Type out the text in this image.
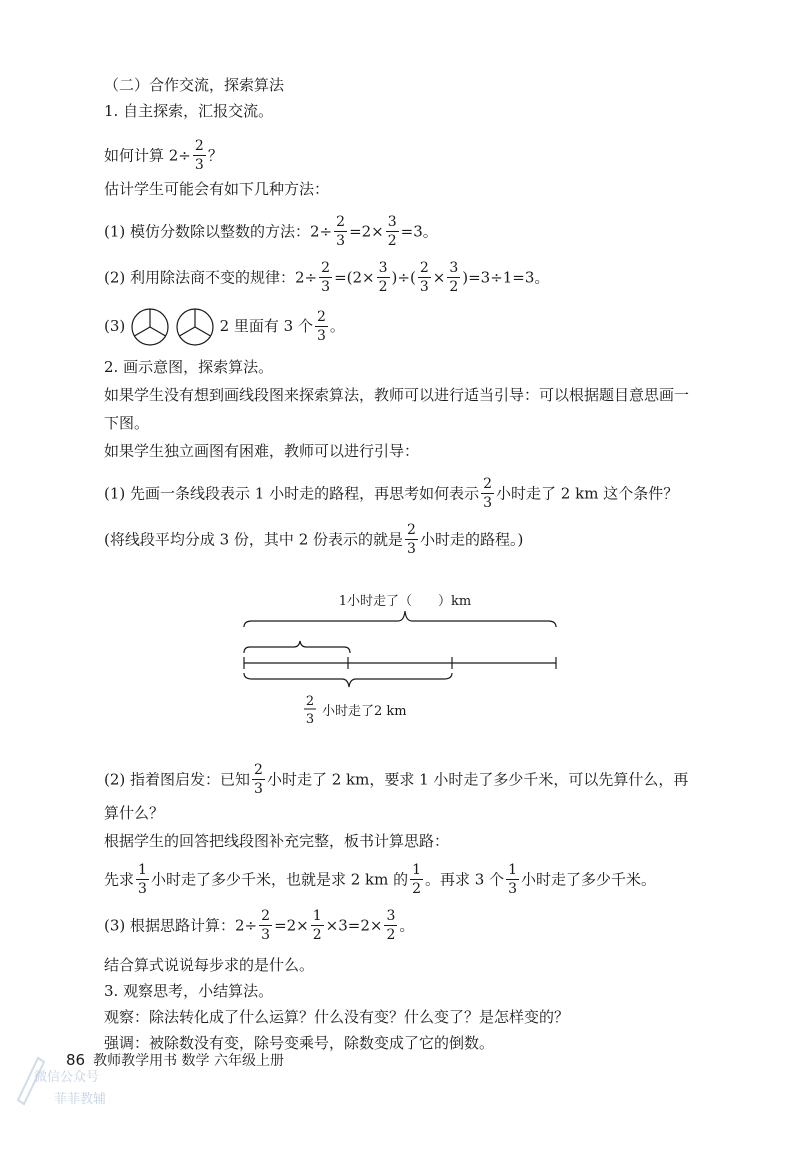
（二）合作交流，探索算法
1. 自主探索，汇报交流。
如何计算 $2\div \frac{2}{3}$ ？
估计学生可能会有如下几种方法：
(1) 模仿分数除以整数的方法：$2\div \frac{2}{3} =2\times \frac{3}{2} =3$。
(2) 利用除法商不变的规律：$2\div \frac{2}{3} =(2\times \frac{3}{2}$ )÷( $\frac{2}{3} \times \frac{3}{2} )=3\div 1=3$。
(3)	2 里面有 3 个 $\frac{2}{3}$ 。
2. 画示意图，探索算法。
如果学生没有想到画线段图来探索算法，教师可以进行适当引导：可以根据题目意思画一
下图。
如果学生独立画图有困难，教师可以进行引导：
(1) 先画一条线段表示 1 小时走的路程，再思考如何表示 $\frac{2}{3}$ 小时走了 2 km 这个条件？
(将线段平均分成 3 份，其中 2 份表示的就是 $\frac{2}{3}$ 小时走的路程。)
1小时走了（　　）km
2
3
小时走了2 km
(2) 指着图启发：已知 $\frac{2}{3}$ 小时走了 2 km，要求 1 小时走了多少千米，可以先算什么，再
算什么？
根据学生的回答把线段图补充完整，板书计算思路：
先求 $\frac{1}{3}$ 小时走了多少千米，也就是求 2 km 的 $\frac{1}{2}$ 。再求 3 个 $\frac{1}{3}$ 小时走了多少千米。
(3) 根据思路计算：$2\div \frac{2}{3} =2\times \frac{1}{2} \times 3=2\times \frac{3}{2}$ 。
结合算式说说每步求的是什么。
3. 观察思考，小结算法。
观察：除法转化成了什么运算？什么没有变？什么变了？是怎样变的？
强调：被除数没有变，除号变乘号，除数变成了它的倒数。
微信公众号
菲菲教辅
86 教师教学用书 数学 六年级上册
